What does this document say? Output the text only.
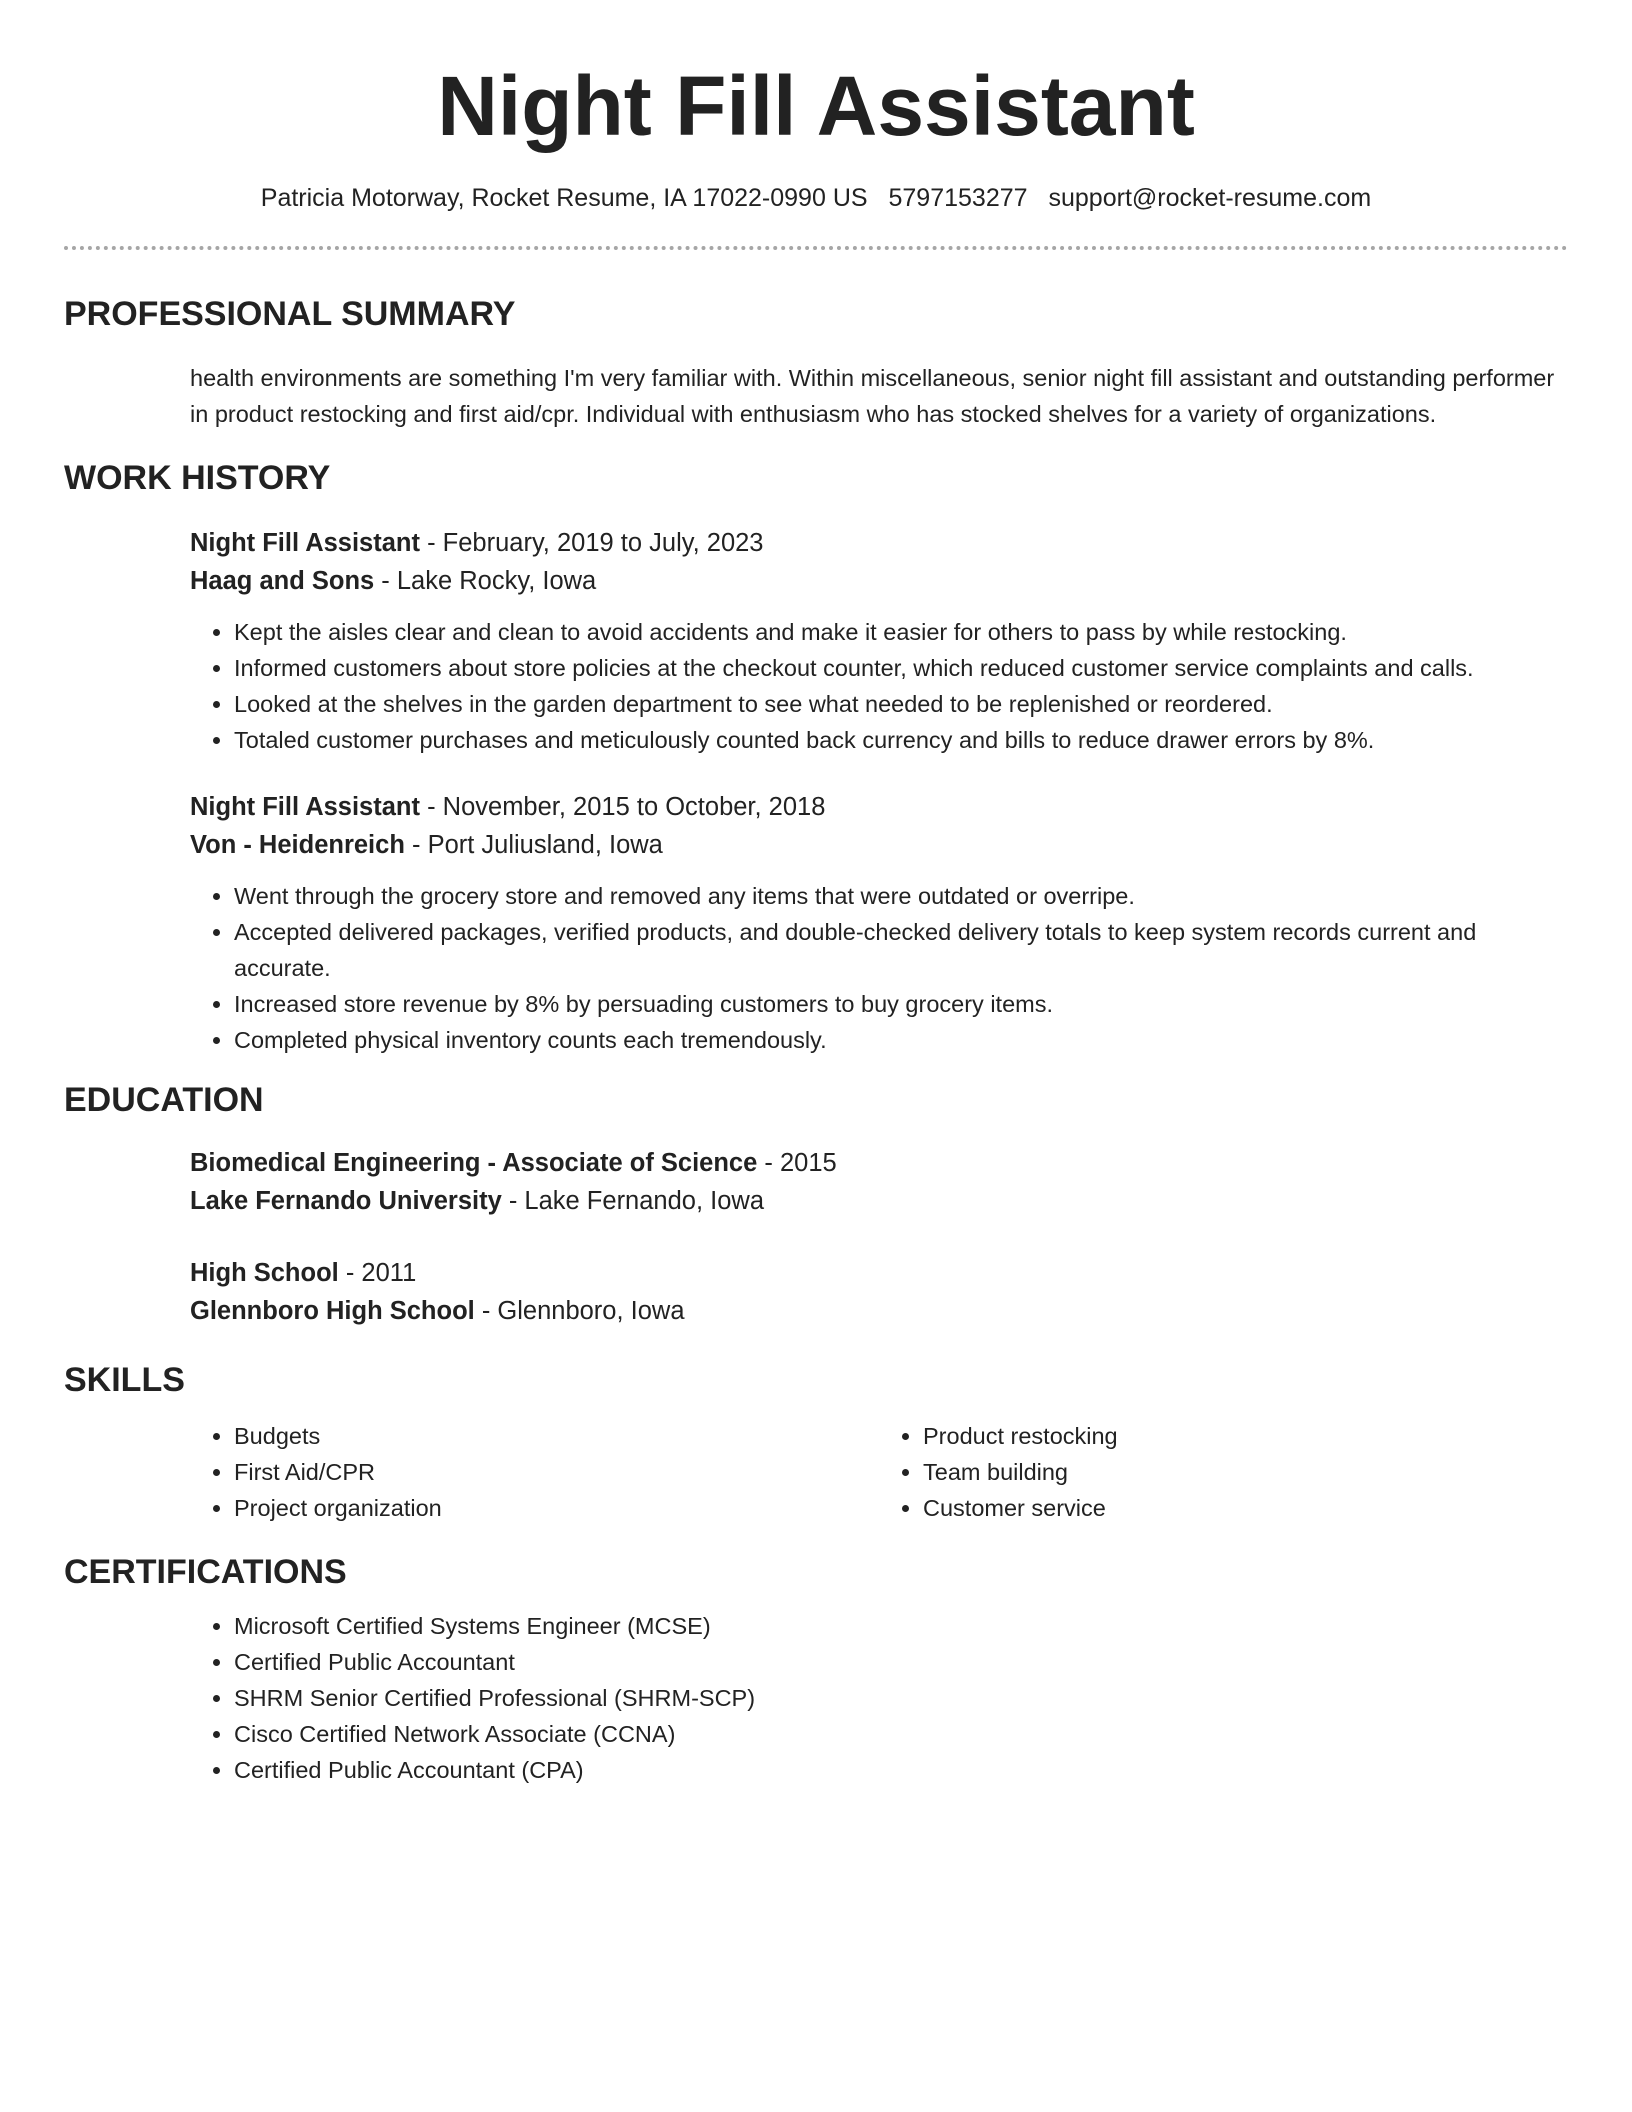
Night Fill Assistant
Patricia Motorway, Rocket Resume, IA 17022-0990 US 5797153277 support@rocket-resume.com
PROFESSIONAL SUMMARY
health environments are something I'm very familiar with. Within miscellaneous, senior night fill assistant and outstanding performer in product restocking and first aid/cpr. Individual with enthusiasm who has stocked shelves for a variety of organizations.
WORK HISTORY
Night Fill Assistant - February, 2019 to July, 2023
Haag and Sons - Lake Rocky, Iowa
• Kept the aisles clear and clean to avoid accidents and make it easier for others to pass by while restocking.
• Informed customers about store policies at the checkout counter, which reduced customer service complaints and calls.
• Looked at the shelves in the garden department to see what needed to be replenished or reordered.
• Totaled customer purchases and meticulously counted back currency and bills to reduce drawer errors by 8%.
Night Fill Assistant - November, 2015 to October, 2018
Von - Heidenreich - Port Juliusland, Iowa
• Went through the grocery store and removed any items that were outdated or overripe.
• Accepted delivered packages, verified products, and double-checked delivery totals to keep system records current and accurate.
• Increased store revenue by 8% by persuading customers to buy grocery items.
• Completed physical inventory counts each tremendously.
EDUCATION
Biomedical Engineering - Associate of Science - 2015
Lake Fernando University - Lake Fernando, Iowa
High School - 2011
Glennboro High School - Glennboro, Iowa
SKILLS
• Budgets
• First Aid/CPR
• Project organization
• Product restocking
• Team building
• Customer service
CERTIFICATIONS
• Microsoft Certified Systems Engineer (MCSE)
• Certified Public Accountant
• SHRM Senior Certified Professional (SHRM-SCP)
• Cisco Certified Network Associate (CCNA)
• Certified Public Accountant (CPA)
